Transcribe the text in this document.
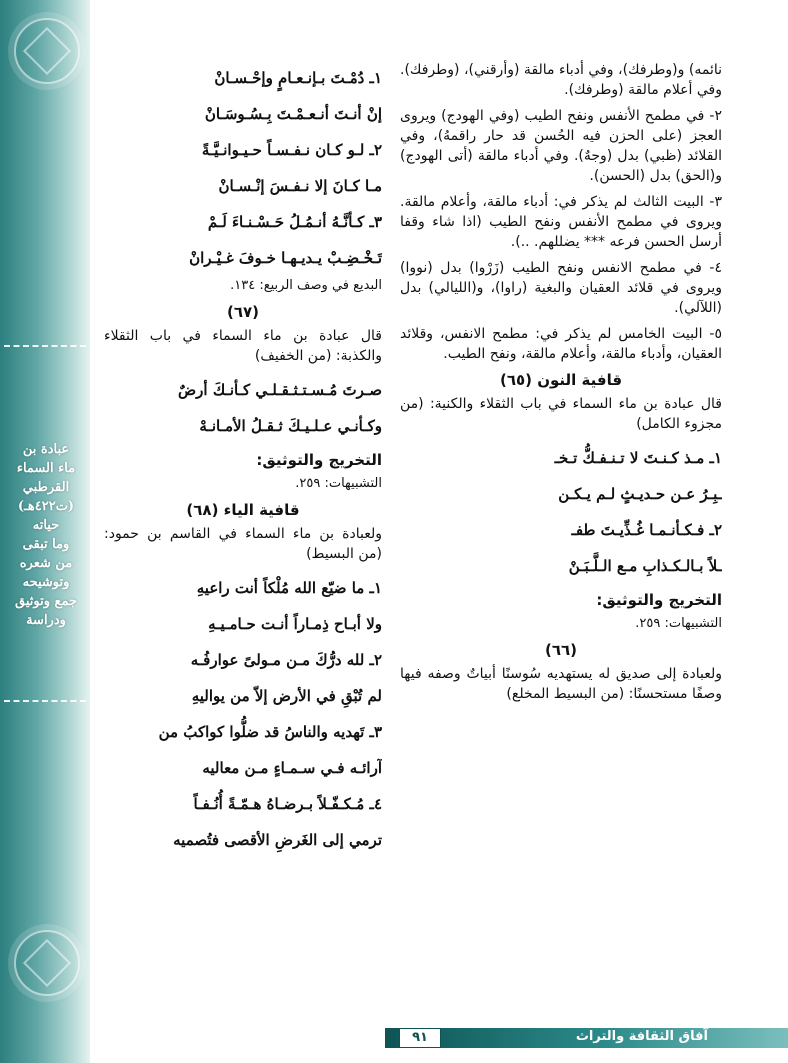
عبادة بن
ماء السماء
القرطبي
(ت٤٢٢هـ)
حياته
وما تبقى
من شعره
وتوشيحه
جمع وتوثيق
ودراسة
نائمه) و(وطرفك)، وفي أدباء مالقة (وأرقني)، (وطرفك). وفي أعلام مالقة (وطرفك).
٢- في مطمح الأنفس ونفح الطيب (وفي الهودج) ويروى العجز (على الحزن فيه الحُسن قد حار راقمهُ)، وفي القلائد (ظبي) بدل (وجهٌ). وفي أدباء مالقة (أتى الهودج) و(الحق) بدل (الحسن).
٣- البيت الثالث لم يذكر في: أدباء مالقة، وأعلام مالقة. ويروى في مطمح الأنفس ونفح الطيب (اذا شاء وقفا أرسل الحسن فرعه *** يضللهم. ..).
٤- في مطمح الانفس ونفح الطيب (زَرْوا) بدل (نووا) ويروى في قلائد العقيان والبغية (راوا)، و(الليالي) بدل (اللآلي).
٥- البيت الخامس لم يذكر في: مطمح الانفس، وقلائد العقيان، وأدباء مالقة، وأعلام مالقة، ونفح الطيب.
قافية النون (٦٥)
قال عبادة بن ماء السماء في باب الثقلاء والكنية: (من مجزوء الكامل)
١ـ مـذ كـنـتَ لا تـنـفـكُّ تـخـ
ـبِـرُ عـن حـديـثٍ لـم يـكـن
٢ـ فـكـأنـمـا غُـذِّيـتَ طفـ
ـلاً بـالـكـذابِ مـع الـلَّـبَـنْ
التخريج والتوثيق:
التشبيهات: ٢٥٩.
(٦٦)
ولعبادة إلى صديق له يستهديه سُوسنًا أبياتٌ وصفه فيها وصفًا مستحسنًا: (من البسيط المخلع)
١ـ دُمْـتَ بـإنـعـامٍ وإحْـسـانْ
إنْ أنـتَ أنـعـمْـتَ بِـسُـوسَـانْ
٢ـ لـو كـان نـفـسـاً حـيـوانـيَّـةً
مـا كـانَ إلا نـفـسَ إنْـسـانْ
٣ـ كـأنَّـهُ أنـمُـلُ حَـسْـنـاءَ لَـمْ
تَـخْـضِـبْ يـديـهـا خـوفَ غـيْـرانْ
البديع في وصف الربيع: ١٣٤.
(٦٧)
قال عبادة بن ماء السماء في باب الثقلاء والكذبة: (من الخفيف)
صـرتَ مُـسـتـثـقـلـي كـأنـكَ أرضٌ
وكـأنـي عـلـيـكَ ثـقـلُ الأمـانـهْ
التخريج والتوثيق:
التشبيهات: ٢٥٩.
قافية الياء (٦٨)
ولعبادة بن ماء السماء في القاسم بن حمود: (من البسيط)
١ـ ما ضيّع الله مُلْكاً أنت راعيهِ
ولا أبـاح ذِمـاراً أنـت حـامـيـهِ
٢ـ لله درُّكَ مـن مـولىً عوارفُـه
لم تُبْقِ في الأرض إلاّ من يواليهِ
٣ـ تَهديه والناسُ قد ضلُّوا كواكبُ من
آرائـه فـي سـمـاءٍ مـن معاليه
٤ـ مُـكـفّـلاً بـرضـاهُ هـمّـةً أُنُـفـاً
ترمي إلى الغَرضِ الأقصى فتُصميه
آفاق الثقافة والتراث
٩١
